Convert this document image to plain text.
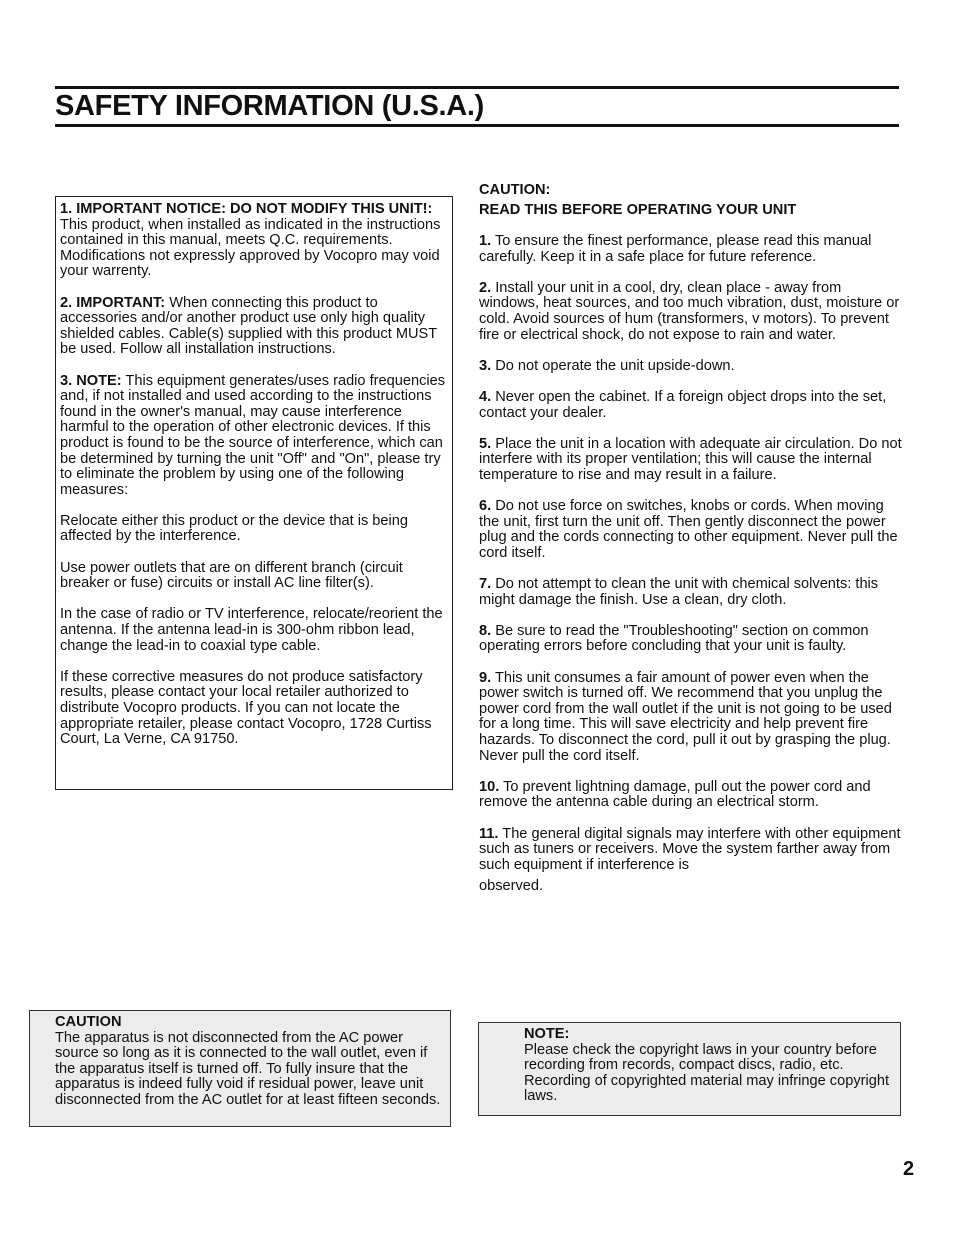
SAFETY INFORMATION (U.S.A.)

1. IMPORTANT NOTICE: DO NOT MODIFY THIS UNIT!: This product, when installed as indicated in the instructions contained in this manual, meets Q.C. requirements. Modifications not expressly approved by Vocopro may void your warrenty.

2. IMPORTANT: When connecting this product to accessories and/or another product use only high quality shielded cables. Cable(s) supplied with this product MUST be used. Follow all installation instructions.

3. NOTE: This equipment generates/uses radio frequencies and, if not installed and used according to the instructions found in the owner's manual, may cause interference harmful to the operation of other electronic devices. If this product is found to be the source of interference, which can be determined by turning the unit "Off" and "On", please try to eliminate the problem by using one of the following measures:

Relocate either this product or the device that is being affected by the interference.

Use power outlets that are on different branch (circuit breaker or fuse) circuits or install AC line filter(s).

In the case of radio or TV interference, relocate/reorient the antenna. If the antenna lead-in is 300-ohm ribbon lead, change the lead-in to coaxial type cable.

If these corrective measures do not produce satisfactory results, please contact your local retailer authorized to distribute Vocopro products. If you can not locate the appropriate retailer, please contact Vocopro, 1728 Curtiss Court, La Verne, CA 91750.

CAUTION:
READ THIS BEFORE OPERATING YOUR UNIT

1. To ensure the finest performance, please read this manual carefully. Keep it in a safe place for future reference.

2. Install your unit in a cool, dry, clean place - away from windows, heat sources, and too much vibration, dust, moisture or cold. Avoid sources of hum (transformers, v motors). To prevent fire or electrical shock, do not expose to rain and water.

3. Do not operate the unit upside-down.

4. Never open the cabinet. If a foreign object drops into the set, contact your dealer.

5. Place the unit in a location with adequate air circulation. Do not interfere with its proper ventilation; this will cause the internal temperature to rise and may result in a failure.

6. Do not use force on switches, knobs or cords. When moving the unit, first turn the unit off. Then gently disconnect the power plug and the cords connecting to other equipment. Never pull the cord itself.

7. Do not attempt to clean the unit with chemical solvents: this might damage the finish. Use a clean, dry cloth.

8. Be sure to read the "Troubleshooting" section on common operating errors before concluding that your unit is faulty.

9. This unit consumes a fair amount of power even when the power switch is turned off. We recommend that you unplug the power cord from the wall outlet if the unit is not going to be used for a long time. This will save electricity and help prevent fire hazards. To disconnect the cord, pull it out by grasping the plug. Never pull the cord itself.

10. To prevent lightning damage, pull out the power cord and remove the antenna cable during an electrical storm.

11. The general digital signals may interfere with other equipment such as tuners or receivers. Move the system farther away from such equipment if interference is

observed.
CAUTION
The apparatus is not disconnected from the AC power source so long as it is connected to the wall outlet, even if the apparatus itself is turned off. To fully insure that the apparatus is indeed fully void if residual power, leave unit disconnected from the AC outlet for at least fifteen seconds.
NOTE:
Please check the copyright laws in your country before recording from records, compact discs, radio, etc. Recording of copyrighted material may infringe copyright laws.
2
